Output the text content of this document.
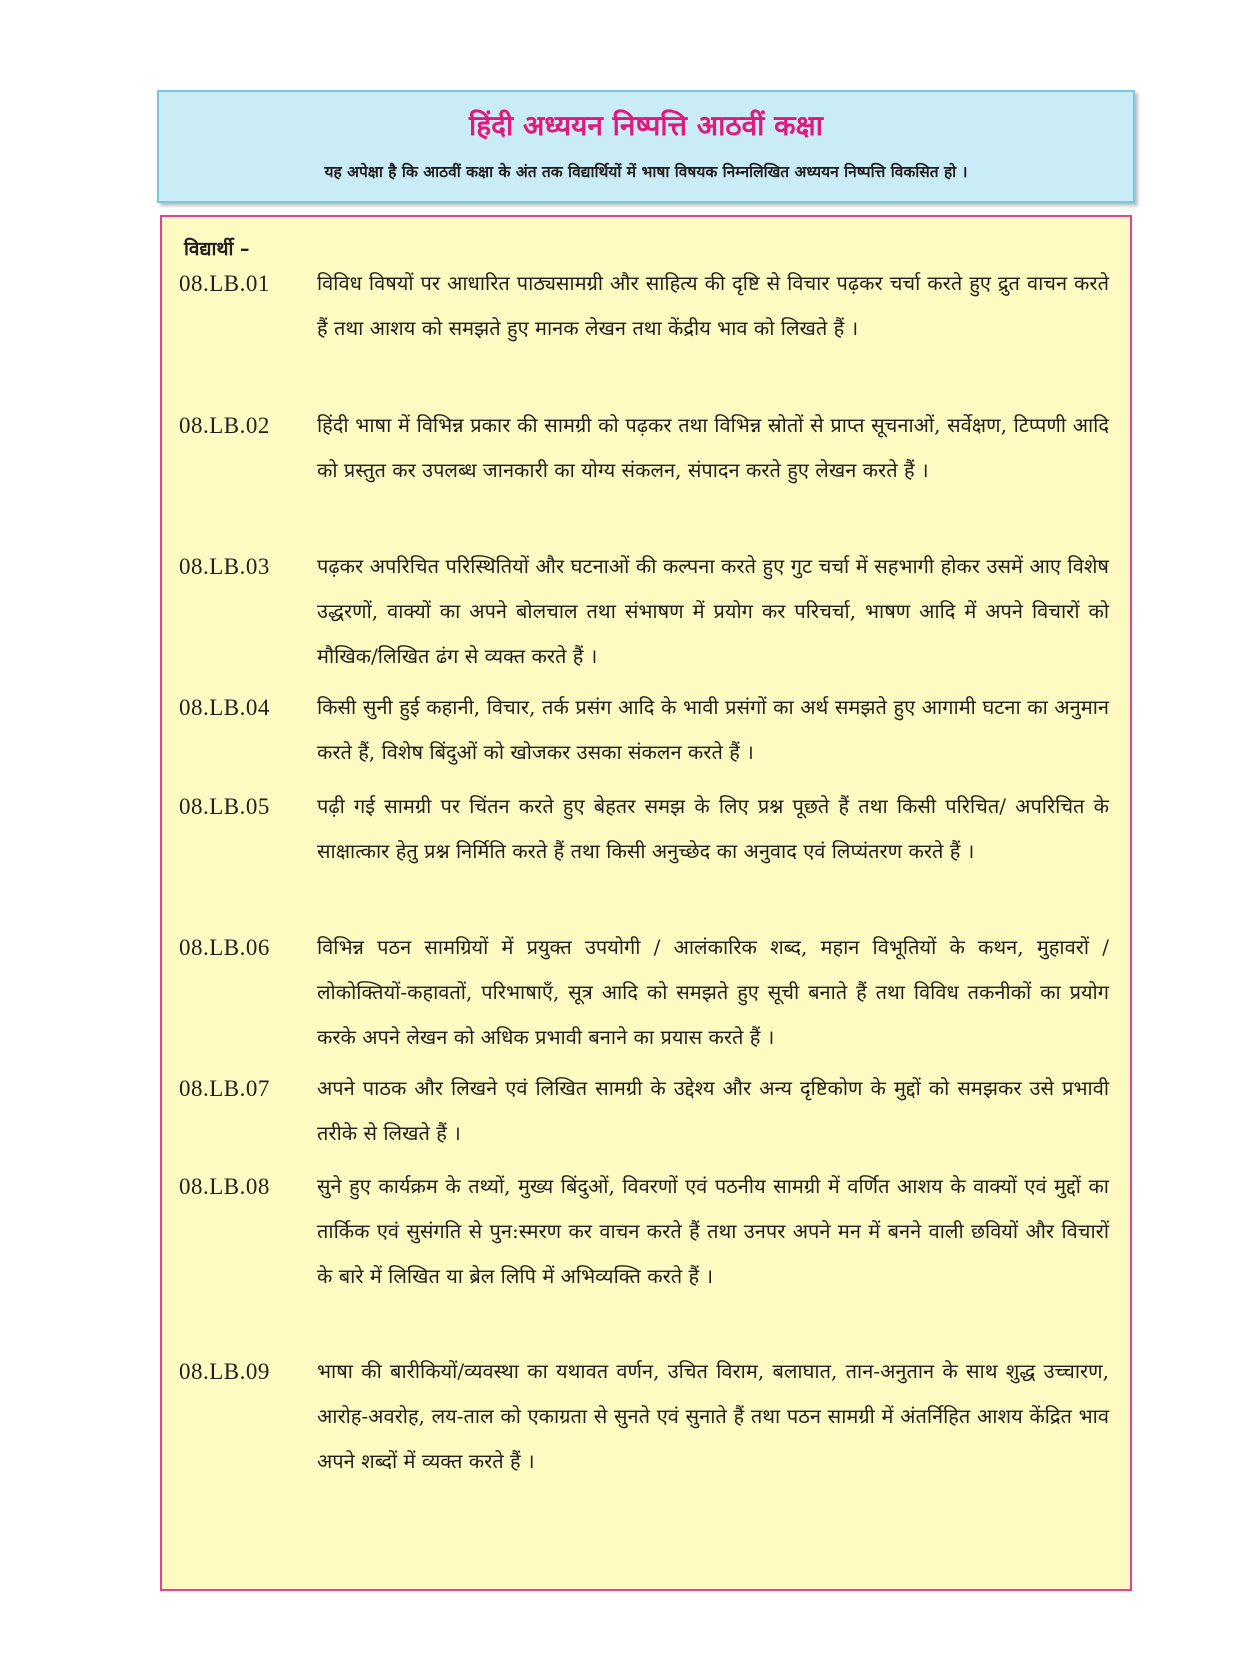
हिंदी अध्ययन निष्पत्ति आठवीं कक्षा
यह अपेक्षा है कि आठवीं कक्षा के अंत तक विद्यार्थियों में भाषा विषयक निम्नलिखित अध्ययन निष्पत्ति विकसित हो ।
विद्यार्थी –
08.LB.01 विविध विषयों पर आधारित पाठ्यसामग्री और साहित्य की दृष्टि से विचार पढ़कर चर्चा करते हुए द्रुत वाचन करते हैं तथा आशय को समझते हुए मानक लेखन तथा केंद्रीय भाव को लिखते हैं ।
08.LB.02 हिंदी भाषा में विभिन्न प्रकार की सामग्री को पढ़कर तथा विभिन्न स्रोतों से प्राप्त सूचनाओं, सर्वेक्षण, टिप्पणी आदि को प्रस्तुत कर उपलब्ध जानकारी का योग्य संकलन, संपादन करते हुए लेखन करते हैं ।
08.LB.03 पढ़कर अपरिचित परिस्थितियों और घटनाओं की कल्पना करते हुए गुट चर्चा में सहभागी होकर उसमें आए विशेष उद्धरणों, वाक्यों का अपने बोलचाल तथा संभाषण में प्रयोग कर परिचर्चा, भाषण आदि में अपने विचारों को मौखिक/लिखित ढंग से व्यक्त करते हैं ।
08.LB.04 किसी सुनी हुई कहानी, विचार, तर्क प्रसंग आदि के भावी प्रसंगों का अर्थ समझते हुए आगामी घटना का अनुमान करते हैं, विशेष बिंदुओं को खोजकर उसका संकलन करते हैं ।
08.LB.05 पढ़ी गई सामग्री पर चिंतन करते हुए बेहतर समझ के लिए प्रश्न पूछते हैं तथा किसी परिचित/ अपरिचित के साक्षात्कार हेतु प्रश्न निर्मिति करते हैं तथा किसी अनुच्छेद का अनुवाद एवं लिप्यंतरण करते हैं ।
08.LB.06 विभिन्न पठन सामग्रियों में प्रयुक्त उपयोगी / आलंकारिक शब्द, महान विभूतियों के कथन, मुहावरों / लोकोक्तियों-कहावतों, परिभाषाएँ, सूत्र आदि को समझते हुए सूची बनाते हैं तथा विविध तकनीकों का प्रयोग करके अपने लेखन को अधिक प्रभावी बनाने का प्रयास करते हैं ।
08.LB.07 अपने पाठक और लिखने एवं लिखित सामग्री के उद्देश्य और अन्य दृष्टिकोण के मुद्दों को समझकर उसे प्रभावी तरीके से लिखते हैं ।
08.LB.08 सुने हुए कार्यक्रम के तथ्यों, मुख्य बिंदुओं, विवरणों एवं पठनीय सामग्री में वर्णित आशय के वाक्यों एवं मुद्दों का तार्किक एवं सुसंगति से पुन:स्मरण कर वाचन करते हैं तथा उनपर अपने मन में बनने वाली छवियों और विचारों के बारे में लिखित या ब्रेल लिपि में अभिव्यक्ति करते हैं ।
08.LB.09 भाषा की बारीकियों/व्यवस्था का यथावत वर्णन, उचित विराम, बलाघात, तान-अनुतान के साथ शुद्ध उच्चारण, आरोह-अवरोह, लय-ताल को एकाग्रता से सुनते एवं सुनाते हैं तथा पठन सामग्री में अंतर्निहित आशय केंद्रित भाव अपने शब्दों में व्यक्त करते हैं ।
